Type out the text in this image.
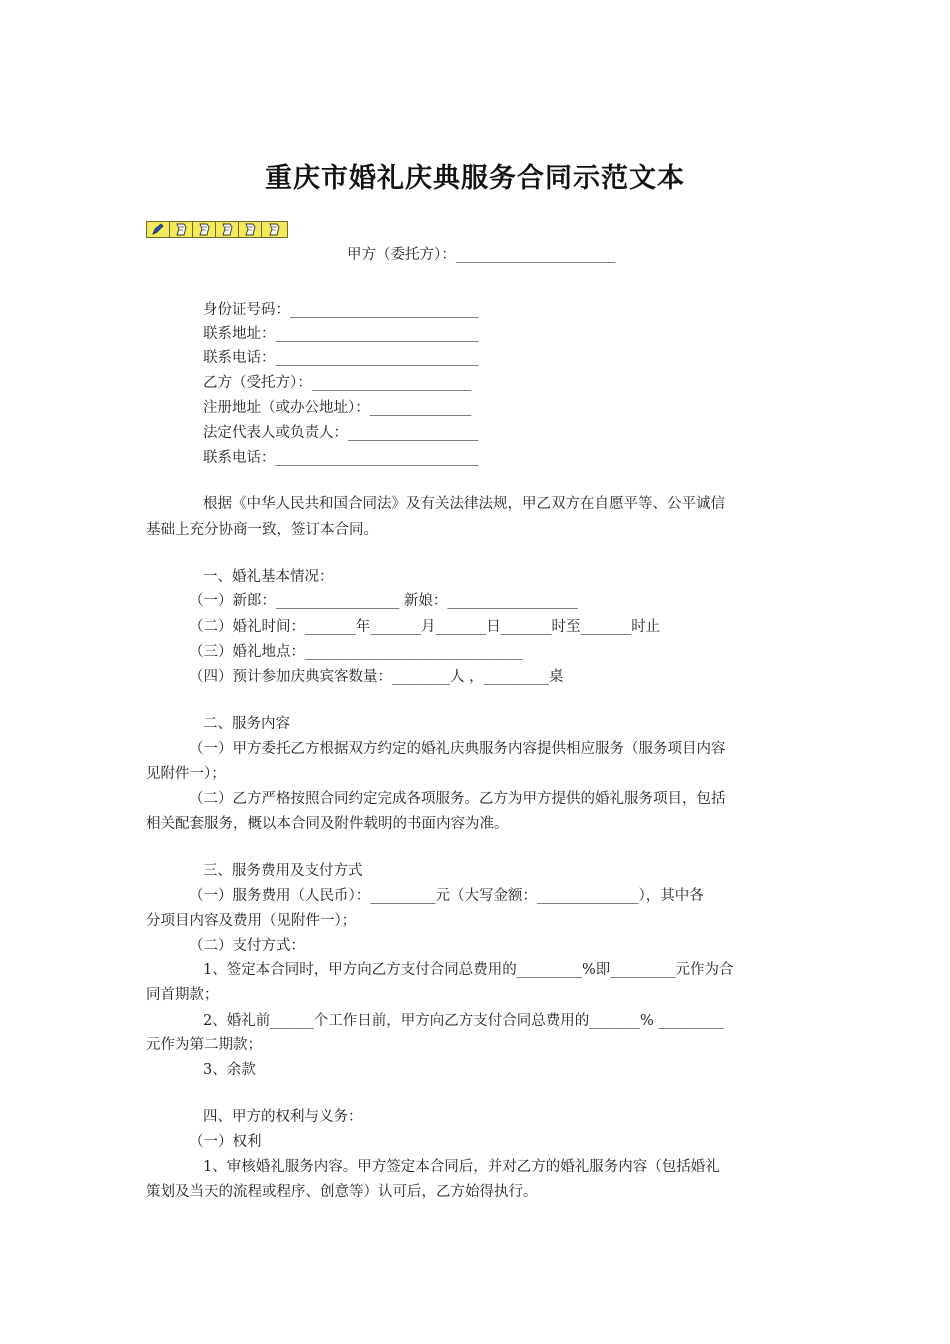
重庆市婚礼庆典服务合同示范文本
甲方（委托方）：______________________
身份证号码：__________________________
联系地址：____________________________
联系电话：____________________________
乙方（受托方）：______________________
注册地址（或办公地址）：______________
法定代表人或负责人：__________________
联系电话：____________________________
根据《中华人民共和国合同法》及有关法律法规，甲乙双方在自愿平等、公平诚信
基础上充分协商一致，签订本合同。
一、婚礼基本情况：
（一）新郎：_________________ 新娘：__________________
（二）婚礼时间：_______年_______月_______日_______时至_______时止
（三）婚礼地点：______________________________
（四）预计参加庆典宾客数量：________人 ，_________桌
二、服务内容
（一）甲方委托乙方根据双方约定的婚礼庆典服务内容提供相应服务（服务项目内容
见附件一）；
（二）乙方严格按照合同约定完成各项服务。乙方为甲方提供的婚礼服务项目，包括
相关配套服务，概以本合同及附件载明的书面内容为准。
三、服务费用及支付方式
（一）服务费用（人民币）：_________元（大写金额：______________），其中各
分项目内容及费用（见附件一）；
（二）支付方式：
1、签定本合同时，甲方向乙方支付合同总费用的_________%即_________元作为合
同首期款；
2、婚礼前______个工作日前，甲方向乙方支付合同总费用的_______% _________
元作为第二期款；
3、余款
四、甲方的权利与义务：
（一）权利
1、审核婚礼服务内容。甲方签定本合同后，并对乙方的婚礼服务内容（包括婚礼
策划及当天的流程或程序、创意等）认可后，乙方始得执行。
